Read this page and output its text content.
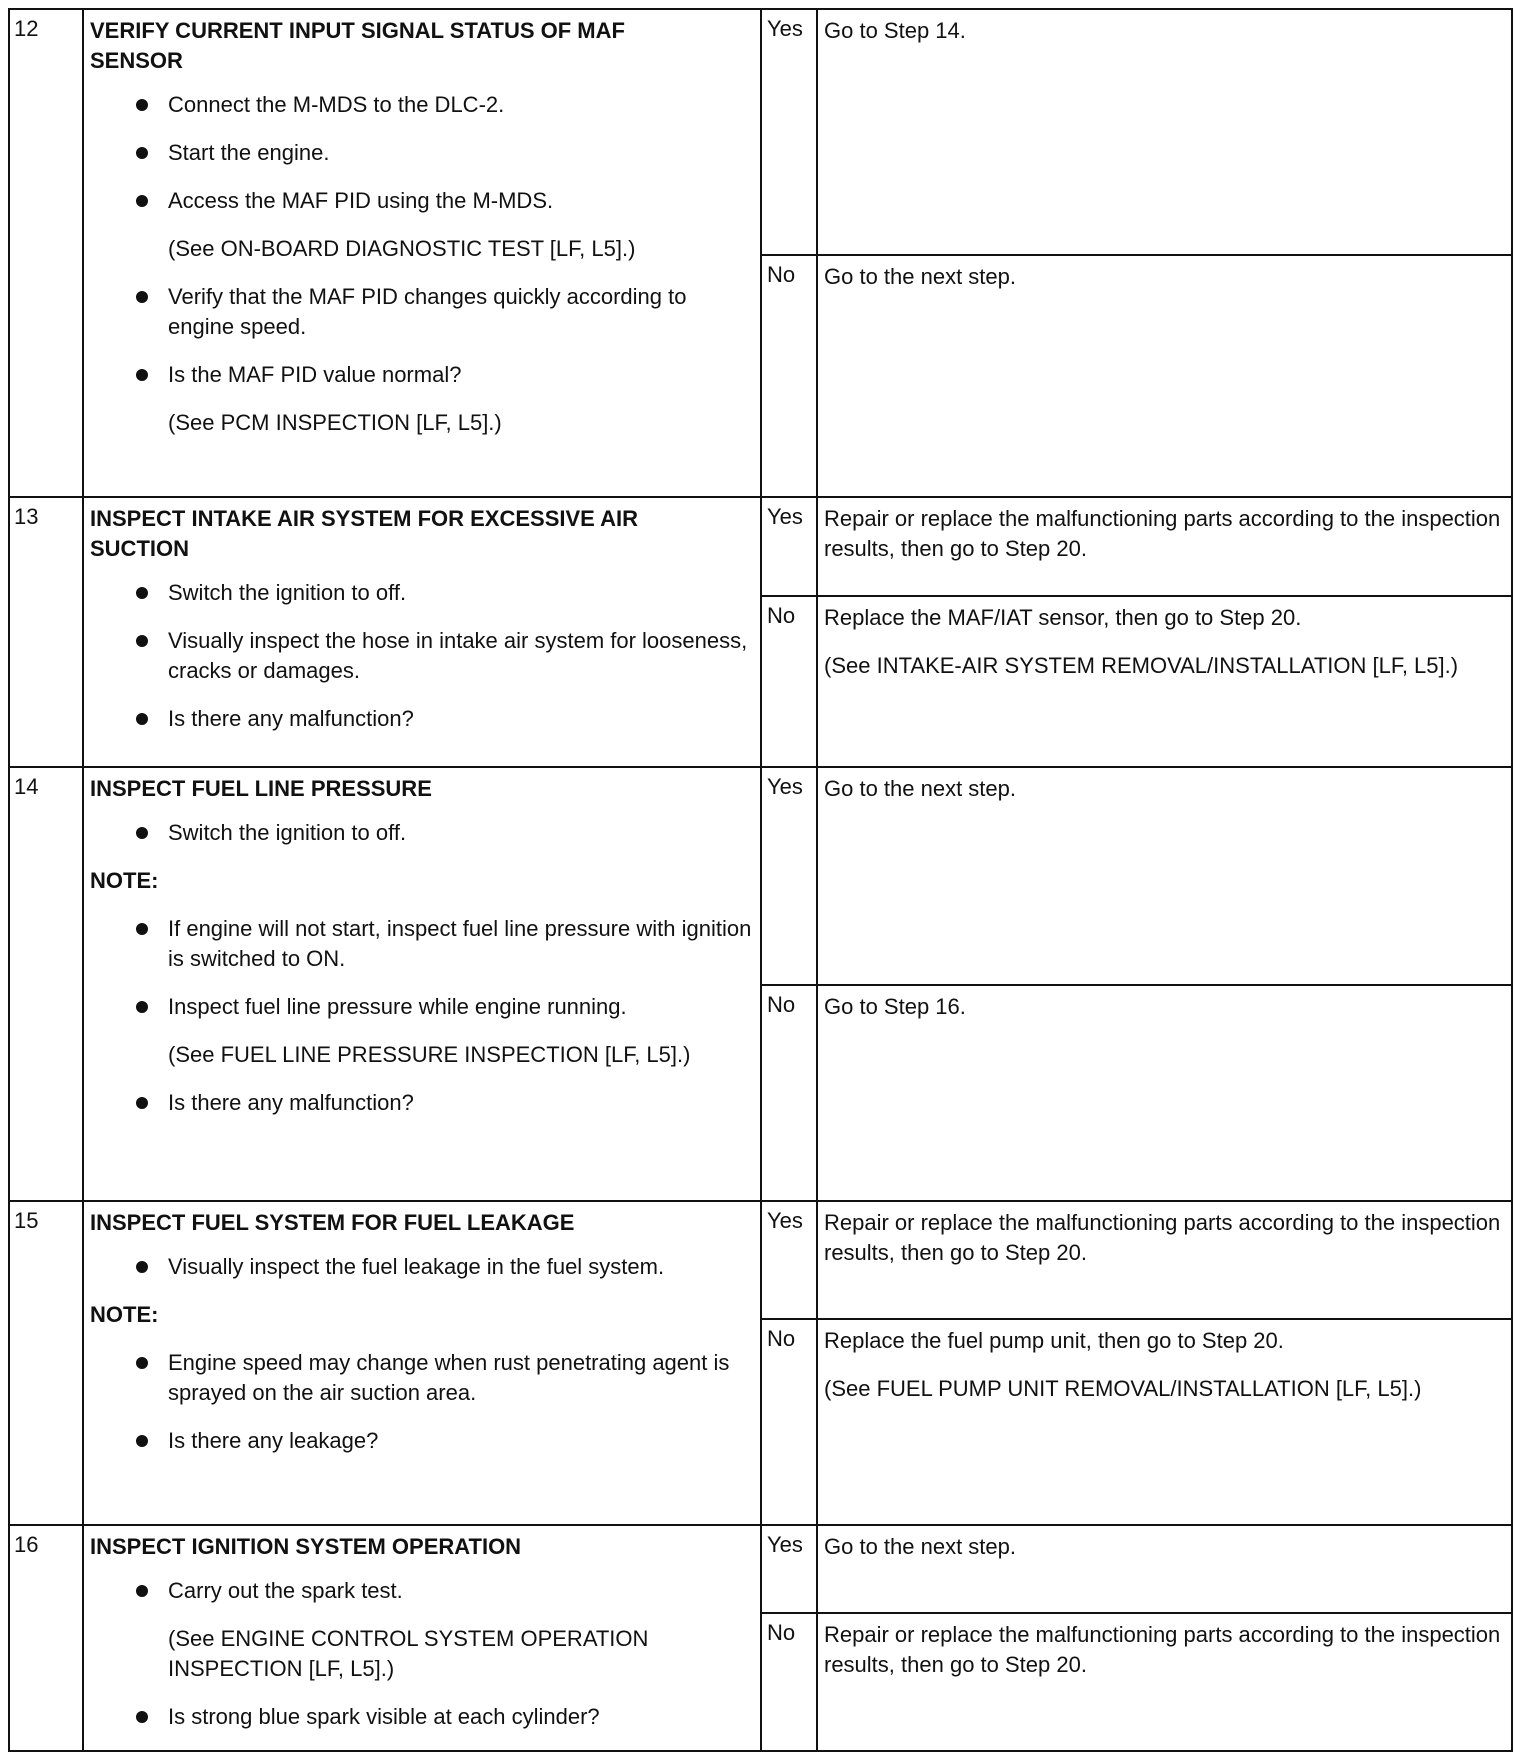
12	VERIFY CURRENT INPUT SIGNAL STATUS OF MAF
SENSOR
Connect the M-MDS to the DLC-2.
Start the engine.
Access the MAF PID using the M-MDS.
(See ON-BOARD DIAGNOSTIC TEST [LF, L5].)
Verify that the MAF PID changes quickly according to engine speed.
Is the MAF PID value normal?
(See PCM INSPECTION [LF, L5].)
Yes Go to Step 14.
No	Go to the next step.
13	INSPECT INTAKE AIR SYSTEM FOR EXCESSIVE AIR
SUCTION
Switch the ignition to off.
Visually inspect the hose in intake air system for looseness, cracks or damages.
Is there any malfunction?
Yes Repair or replace the malfunctioning parts according to the inspection results, then go to Step 20.
No	Replace the MAF/IAT sensor, then go to Step 20.
(See INTAKE-AIR SYSTEM REMOVAL/INSTALLATION [LF, L5].)
14	INSPECT FUEL LINE PRESSURE
Switch the ignition to off.
NOTE:
If engine will not start, inspect fuel line pressure with ignition is switched to ON.
Inspect fuel line pressure while engine running.
(See FUEL LINE PRESSURE INSPECTION [LF, L5].)
Is there any malfunction?
Yes Go to the next step.
No	Go to Step 16.
15	INSPECT FUEL SYSTEM FOR FUEL LEAKAGE
Visually inspect the fuel leakage in the fuel system.
NOTE:
Engine speed may change when rust penetrating agent is sprayed on the air suction area.
Is there any leakage?
Yes Repair or replace the malfunctioning parts according to the inspection results, then go to Step 20.
No	Replace the fuel pump unit, then go to Step 20.
(See FUEL PUMP UNIT REMOVAL/INSTALLATION [LF, L5].)
16	INSPECT IGNITION SYSTEM OPERATION
Carry out the spark test.
(See ENGINE CONTROL SYSTEM OPERATION INSPECTION [LF, L5].)
Is strong blue spark visible at each cylinder?
Yes Go to the next step.
No	Repair or replace the malfunctioning parts according to the inspection results, then go to Step 20.
